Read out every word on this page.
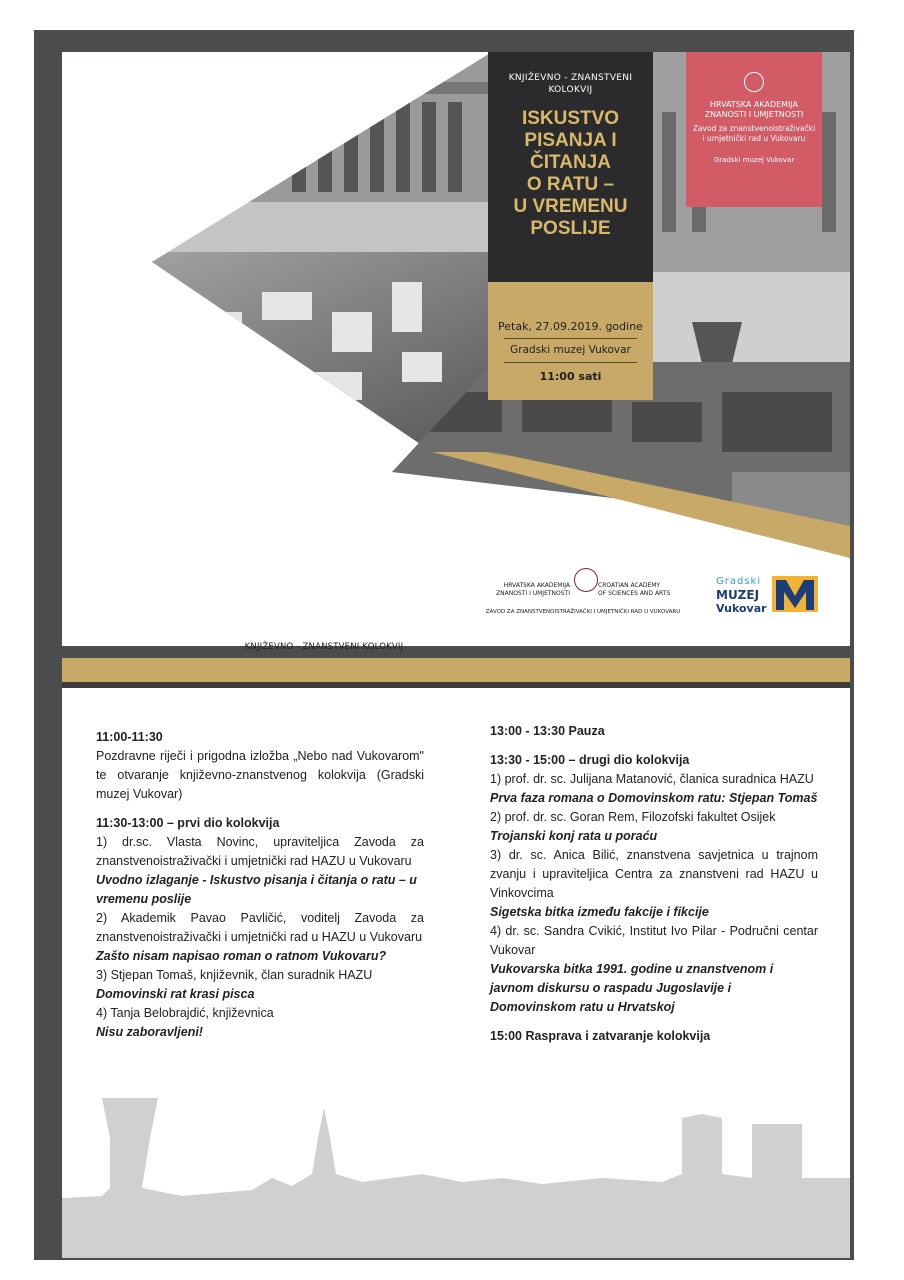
KNJIŽEVNO - ZNANSTVENI KOLOKVIJ
KNJIŽEVNO - ZNANSTVENI
KOLOKVIJ
ISKUSTVO
PISANJA I
ČITANJA
O RATU –
U VREMENU
POSLIJE
Petak, 27.09.2019. godine
Gradski muzej Vukovar
11:00 sati
HRVATSKA AKADEMIJA
ZNANOSTI I UMJETNOSTI
Zavod za znanstvenoistraživački
i umjetnički rad u Vukovaru
Gradski muzej Vukovar
HRVATSKA AKADEMIJA
ZNANOSTI I UMJETNOSTI
CROATIAN ACADEMY
OF SCIENCES AND ARTS
ZAVOD ZA ZNANSTVENOISTRAŽIVAČKI I UMJETNIČKI RAD U VUKOVARU
Gradski
MUZEJ
Vukovar

11:00-11:30

Pozdravne riječi i prigodna izložba „Nebo nad Vukovarom" te otvaranje književno-znanstvenog kolokvija (Gradski muzej Vukovar)

11:30-13:00 – prvi dio kolokvija

1) dr.sc. Vlasta Novinc, upraviteljica Zavoda za znanstvenoistraživački i umjetnički rad HAZU u Vukovaru

Uvodno izlaganje - Iskustvo pisanja i čitanja o ratu – u vremenu poslije

2) Akademik Pavao Pavličić, voditelj Zavoda za znanstvenoistraživački i umjetnički rad u HAZU u Vukovaru

Zašto nisam napisao roman o ratnom Vukovaru?

3) Stjepan Tomaš, književnik, član suradnik HAZU

Domovinski rat krasi pisca

4) Tanja Belobrajdić, književnica

Nisu zaboravljeni!

13:00 - 13:30 Pauza

13:30 - 15:00 – drugi dio kolokvija

1) prof. dr. sc. Julijana Matanović, članica suradnica HAZU

Prva faza romana o Domovinskom ratu: Stjepan Tomaš

2) prof. dr. sc. Goran Rem, Filozofski fakultet Osijek

Trojanski konj rata u poraću

3) dr. sc. Anica Bilić, znanstvena savjetnica u trajnom zvanju i upraviteljica Centra za znanstveni rad HAZU u Vinkovcima

Sigetska bitka između fakcije i fikcije

4) dr. sc. Sandra Cvikić, Institut Ivo Pilar - Područni centar Vukovar

Vukovarska bitka 1991. godine u znanstvenom i javnom diskursu o raspadu Jugoslavije i Domovinskom ratu u Hrvatskoj

15:00 Rasprava i zatvaranje kolokvija
